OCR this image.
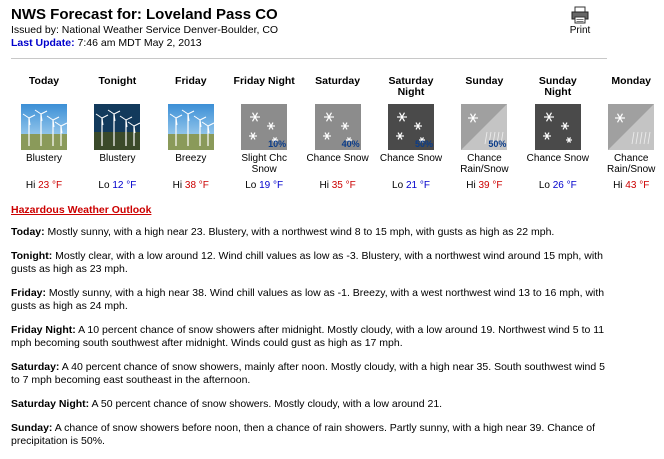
NWS Forecast for: Loveland Pass CO
Issued by: National Weather Service Denver-Boulder, CO
Last Update: 7:46 am MDT May 2, 2013
Print
Today
Blustery
Hi 23 °F
Tonight
Blustery
Lo 12 °F
Friday
Breezy
Hi 38 °F
Friday Night
10%
Slight Chc Snow
Lo 19 °F
Saturday
40%
Chance Snow
Hi 35 °F
Saturday Night
50%
Chance Snow
Lo 21 °F
Sunday
50%
Chance Rain/Snow
Hi 39 °F
Sunday Night
Chance Snow
Lo 26 °F
Monday
Chance Rain/Snow
Hi 43 °F
Hazardous Weather Outlook

Today: Mostly sunny, with a high near 23. Blustery, with a northwest wind 8 to 15 mph, with gusts as high as 22 mph.

Tonight: Mostly clear, with a low around 12. Wind chill values as low as -3. Blustery, with a northwest wind around 15 mph, with gusts as high as 23 mph.

Friday: Mostly sunny, with a high near 38. Wind chill values as low as -1. Breezy, with a west northwest wind 13 to 16 mph, with gusts as high as 24 mph.

Friday Night: A 10 percent chance of snow showers after midnight. Mostly cloudy, with a low around 19. Northwest wind 5 to 11 mph becoming south southwest after midnight. Winds could gust as high as 17 mph.

Saturday: A 40 percent chance of snow showers, mainly after noon. Mostly cloudy, with a high near 35. South southwest wind 5 to 7 mph becoming east southeast in the afternoon.

Saturday Night: A 50 percent chance of snow showers. Mostly cloudy, with a low around 21.

Sunday: A chance of snow showers before noon, then a chance of rain showers. Partly sunny, with a high near 39. Chance of precipitation is 50%.
